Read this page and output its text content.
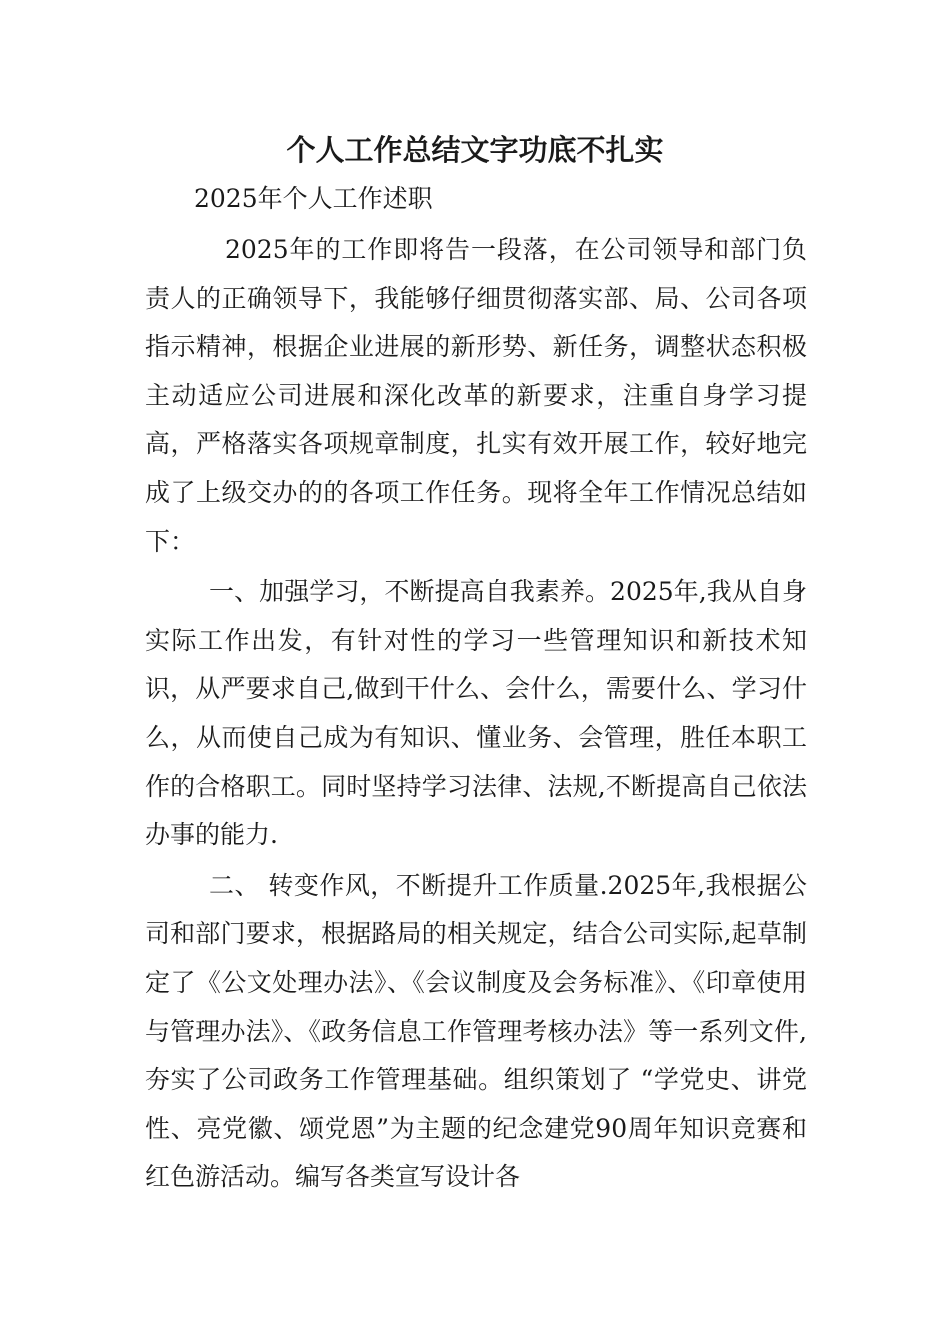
个人工作总结文字功底不扎实

2025年个人工作述职

2025年的工作即将告一段落，在公司领导和部门负责人的正确领导下，我能够仔细贯彻落实部、局、公司各项指示精神，根据企业进展的新形势、新任务，调整状态积极主动适应公司进展和深化改革的新要求，注重自身学习提高，严格落实各项规章制度，扎实有效开展工作，较好地完成了上级交办的的各项工作任务。现将全年工作情况总结如下：

一、加强学习，不断提高自我素养。2025年,我从自身实际工作出发，有针对性的学习一些管理知识和新技术知识，从严要求自己,做到干什么、会什么，需要什么、学习什么，从而使自己成为有知识、懂业务、会管理，胜任本职工作的合格职工。同时坚持学习法律、法规,不断提高自己依法办事的能力.

二、 转变作风，不断提升工作质量.2025年,我根据公司和部门要求，根据路局的相关规定，结合公司实际,起草制定了《公文处理办法》、《会议制度及会务标准》、《印章使用与管理办法》、《政务信息工作管理考核办法》等一系列文件,夯实了公司政务工作管理基础。组织策划了 “学党史、讲党性、亮党徽、颂党恩”为主题的纪念建党90周年知识竞赛和红色游活动。编写各类宣写设计各
